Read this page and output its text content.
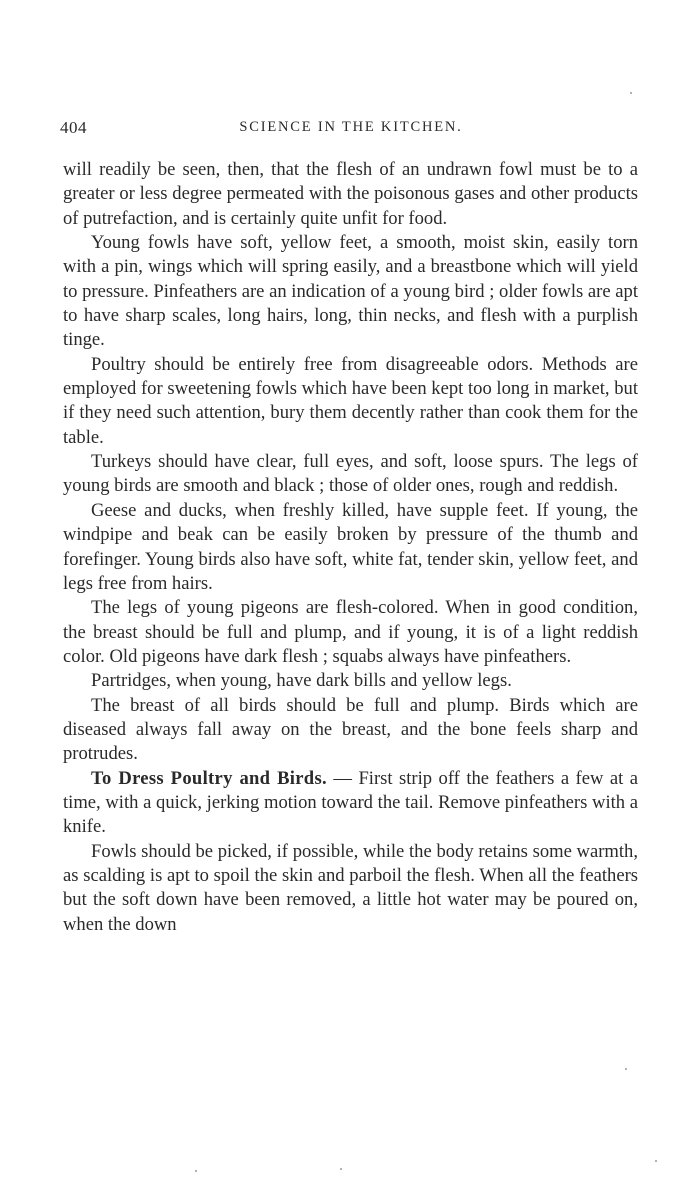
404	SCIENCE IN THE KITCHEN.

will readily be seen, then, that the flesh of an undrawn fowl must be to a greater or less degree permeated with the poisonous gases and other products of putrefaction, and is certainly quite unfit for food.

Young fowls have soft, yellow feet, a smooth, moist skin, easily torn with a pin, wings which will spring easily, and a breastbone which will yield to pressure. Pinfeathers are an indication of a young bird ; older fowls are apt to have sharp scales, long hairs, long, thin necks, and flesh with a purplish tinge.

Poultry should be entirely free from disagreeable odors. Methods are employed for sweetening fowls which have been kept too long in market, but if they need such attention, bury them decently rather than cook them for the table.

Turkeys should have clear, full eyes, and soft, loose spurs. The legs of young birds are smooth and black ; those of older ones, rough and reddish.

Geese and ducks, when freshly killed, have supple feet. If young, the windpipe and beak can be easily broken by pressure of the thumb and forefinger. Young birds also have soft, white fat, tender skin, yellow feet, and legs free from hairs.

The legs of young pigeons are flesh-colored. When in good condition, the breast should be full and plump, and if young, it is of a light reddish color. Old pigeons have dark flesh ; squabs always have pinfeathers.

Partridges, when young, have dark bills and yellow legs.

The breast of all birds should be full and plump. Birds which are diseased always fall away on the breast, and the bone feels sharp and protrudes.

To Dress Poultry and Birds. — First strip off the feathers a few at a time, with a quick, jerking motion toward the tail. Remove pinfeathers with a knife.

Fowls should be picked, if possible, while the body retains some warmth, as scalding is apt to spoil the skin and parboil the flesh. When all the feathers but the soft down have been removed, a little hot water may be poured on, when the down
